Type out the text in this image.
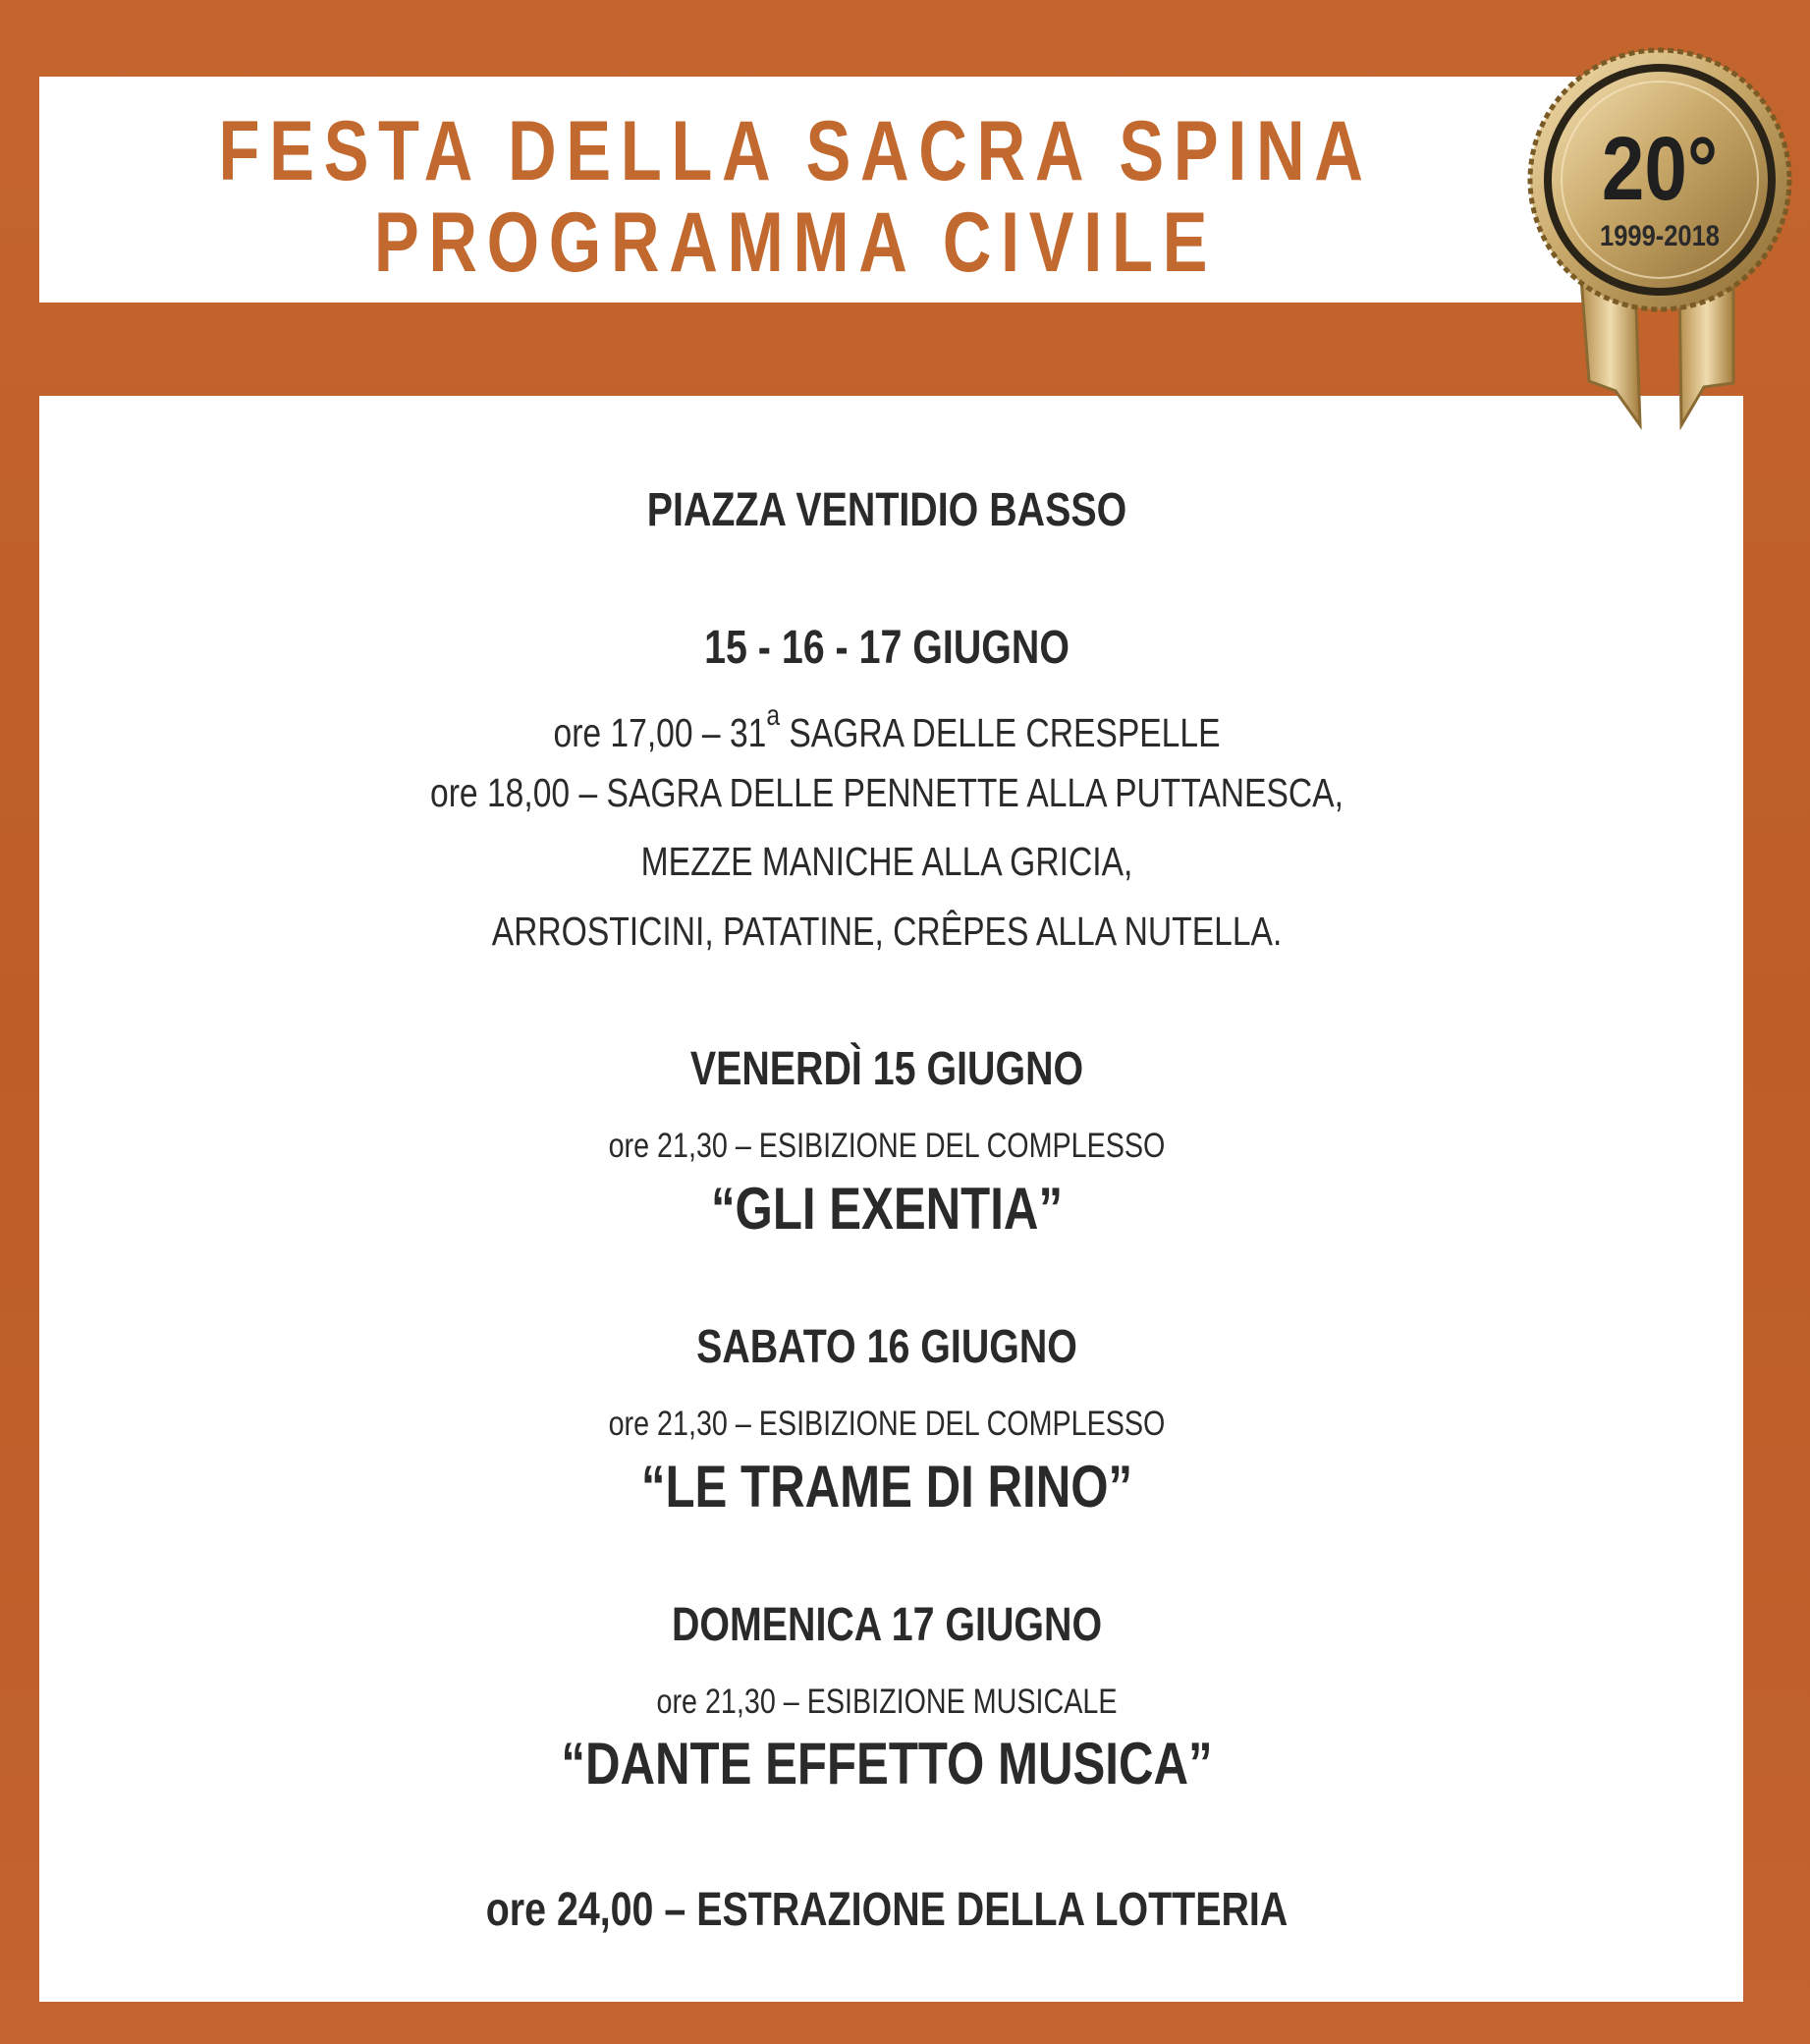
FESTA DELLA SACRA SPINA
PROGRAMMA CIVILE
PIAZZA VENTIDIO BASSO
15 - 16 - 17 GIUGNO
ore 17,00 – 31$^a$ SAGRA DELLE CRESPELLE
ore 18,00 – SAGRA DELLE PENNETTE ALLA PUTTANESCA,
MEZZE MANICHE ALLA GRICIA,
ARROSTICINI, PATATINE, CRÊPES ALLA NUTELLA.
VENERDÌ 15 GIUGNO
ore 21,30 – ESIBIZIONE DEL COMPLESSO
“GLI EXENTIA”
SABATO 16 GIUGNO
ore 21,30 – ESIBIZIONE DEL COMPLESSO
“LE TRAME DI RINO”
DOMENICA 17 GIUGNO
ore 21,30 – ESIBIZIONE MUSICALE
“DANTE EFFETTO MUSICA”
ore 24,00 – ESTRAZIONE DELLA LOTTERIA
20°
1999-2018
